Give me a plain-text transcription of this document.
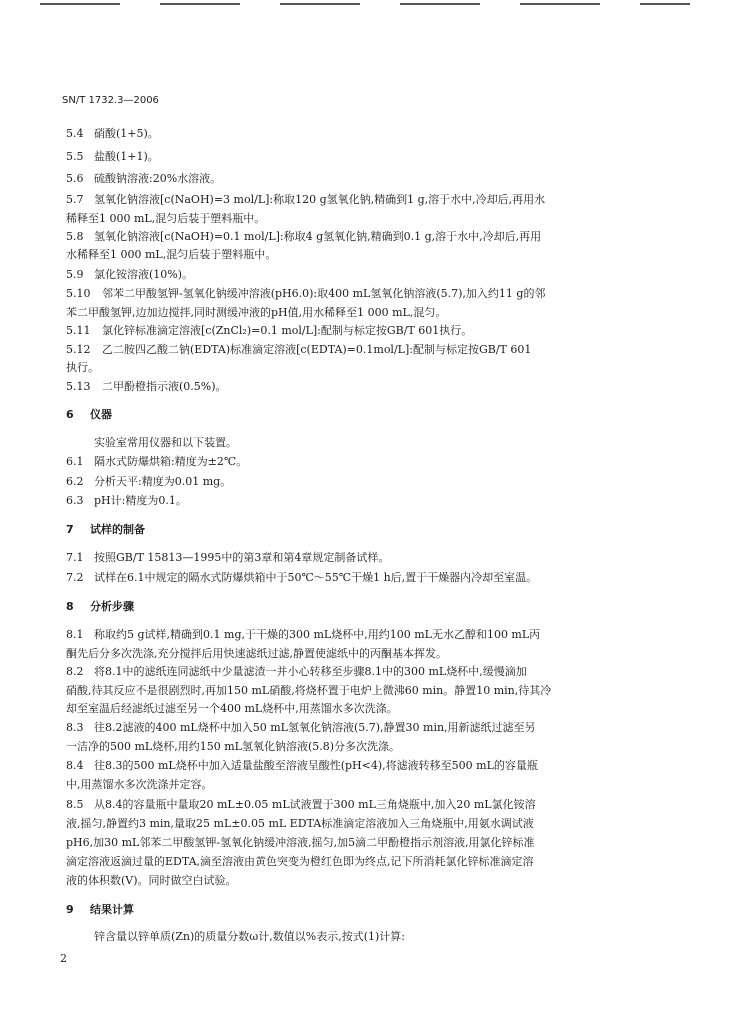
SN/T 1732.3—2006
5.4 硝酸(1+5)。
5.5 盐酸(1+1)。
5.6 硫酸钠溶液:20%水溶液。
5.7 氢氧化钠溶液[c(NaOH)=3 mol/L]:称取120 g氢氧化钠,精确到1 g,溶于水中,冷却后,再用水
稀释至1 000 mL,混匀后装于塑料瓶中。
5.8 氢氧化钠溶液[c(NaOH)=0.1 mol/L]:称取4 g氢氧化钠,精确到0.1 g,溶于水中,冷却后,再用
水稀释至1 000 mL,混匀后装于塑料瓶中。
5.9 氯化铵溶液(10%)。
5.10 邻苯二甲酸氢钾-氢氧化钠缓冲溶液(pH6.0):取400 mL氢氧化钠溶液(5.7),加入约11 g的邻
苯二甲酸氢钾,边加边搅拌,同时测缓冲液的pH值,用水稀释至1 000 mL,混匀。
5.11 氯化锌标准滴定溶液[c(ZnCl₂)=0.1 mol/L]:配制与标定按GB/T 601执行。
5.12 乙二胺四乙酸二钠(EDTA)标准滴定溶液[c(EDTA)=0.1mol/L]:配制与标定按GB/T 601
执行。
5.13 二甲酚橙指示液(0.5%)。
6 仪器
实验室常用仪器和以下装置。
6.1 隔水式防爆烘箱:精度为±2℃。
6.2 分析天平:精度为0.01 mg。
6.3 pH计:精度为0.1。
7 试样的制备
7.1 按照GB/T 15813—1995中的第3章和第4章规定制备试样。
7.2 试样在6.1中规定的隔水式防爆烘箱中于50℃～55℃干燥1 h后,置于干燥器内冷却至室温。
8 分析步骤
8.1 称取约5 g试样,精确到0.1 mg,于干燥的300 mL烧杯中,用约100 mL无水乙醇和100 mL丙
酮先后分多次洗涤,充分搅拌后用快速滤纸过滤,静置使滤纸中的丙酮基本挥发。
8.2 将8.1中的滤纸连同滤纸中少量滤渣一并小心转移至步骤8.1中的300 mL烧杯中,缓慢滴加
硝酸,待其反应不是很剧烈时,再加150 mL硝酸,将烧杯置于电炉上微沸60 min。静置10 min,待其冷
却至室温后经滤纸过滤至另一个400 mL烧杯中,用蒸馏水多次洗涤。
8.3 往8.2滤液的400 mL烧杯中加入50 mL氢氧化钠溶液(5.7),静置30 min,用新滤纸过滤至另
一洁净的500 mL烧杯,用约150 mL氢氧化钠溶液(5.8)分多次洗涤。
8.4 往8.3的500 mL烧杯中加入适量盐酸至溶液呈酸性(pH<4),将滤液转移至500 mL的容量瓶
中,用蒸馏水多次洗涤并定容。
8.5 从8.4的容量瓶中量取20 mL±0.05 mL试液置于300 mL三角烧瓶中,加入20 mL氯化铵溶
液,摇匀,静置约3 min,量取25 mL±0.05 mL EDTA标准滴定溶液加入三角烧瓶中,用氨水调试液
pH6,加30 mL邻苯二甲酸氢钾-氢氧化钠缓冲溶液,摇匀,加5滴二甲酚橙指示剂溶液,用氯化锌标准
滴定溶液返滴过量的EDTA,滴至溶液由黄色突变为橙红色即为终点,记下所消耗氯化锌标准滴定溶
液的体积数(V)。同时做空白试验。
9 结果计算
锌含量以锌单质(Zn)的质量分数ω计,数值以%表示,按式(1)计算:
2
